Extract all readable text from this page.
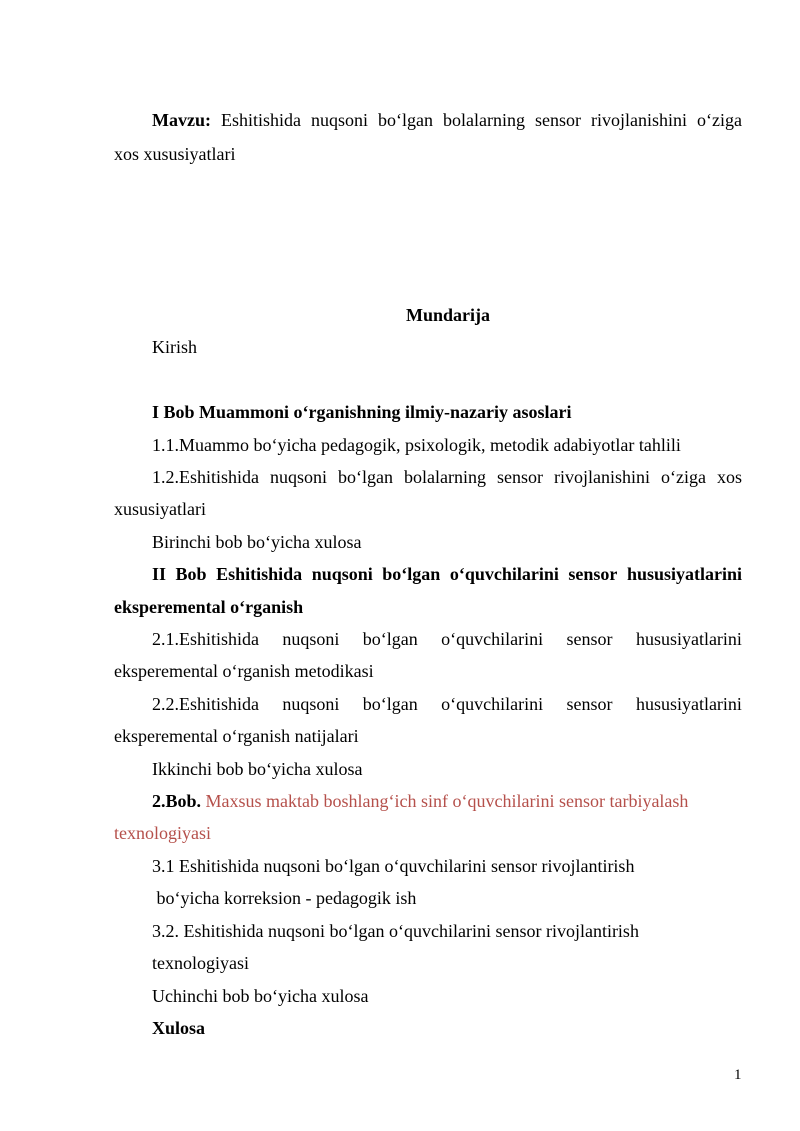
Mavzu: Eshitishida nuqsoni bo‘lgan bolalarning sensor rivojlanishini o‘ziga
xos xususiyatlari
Mundarija
Kirish
I Bob Muammoni o‘rganishning ilmiy-nazariy asoslari
1.1.Muammo bo‘yicha pedagogik, psixologik, metodik adabiyotlar tahlili
1.2.Eshitishida nuqsoni bo‘lgan bolalarning sensor rivojlanishini o‘ziga xos
xususiyatlari
Birinchi bob bo‘yicha xulosa
II Bob Eshitishida nuqsoni bo‘lgan o‘quvchilarini sensor hususiyatlarini
eksperemental o‘rganish
2.1.Eshitishida nuqsoni bo‘lgan o‘quvchilarini sensor hususiyatlarini
eksperemental o‘rganish metodikasi
2.2.Eshitishida nuqsoni bo‘lgan o‘quvchilarini sensor hususiyatlarini
eksperemental o‘rganish natijalari
Ikkinchi bob bo‘yicha xulosa
2.Bob. Maxsus maktab boshlang‘ich sinf o‘quvchilarini sensor tarbiyalash
texnologiyasi
3.1 Eshitishida nuqsoni bo‘lgan o‘quvchilarini sensor rivojlantirish
bo‘yicha korreksion - pedagogik ish
3.2. Eshitishida nuqsoni bo‘lgan o‘quvchilarini sensor rivojlantirish
texnologiyasi
Uchinchi bob bo‘yicha xulosa
Xulosa
1
